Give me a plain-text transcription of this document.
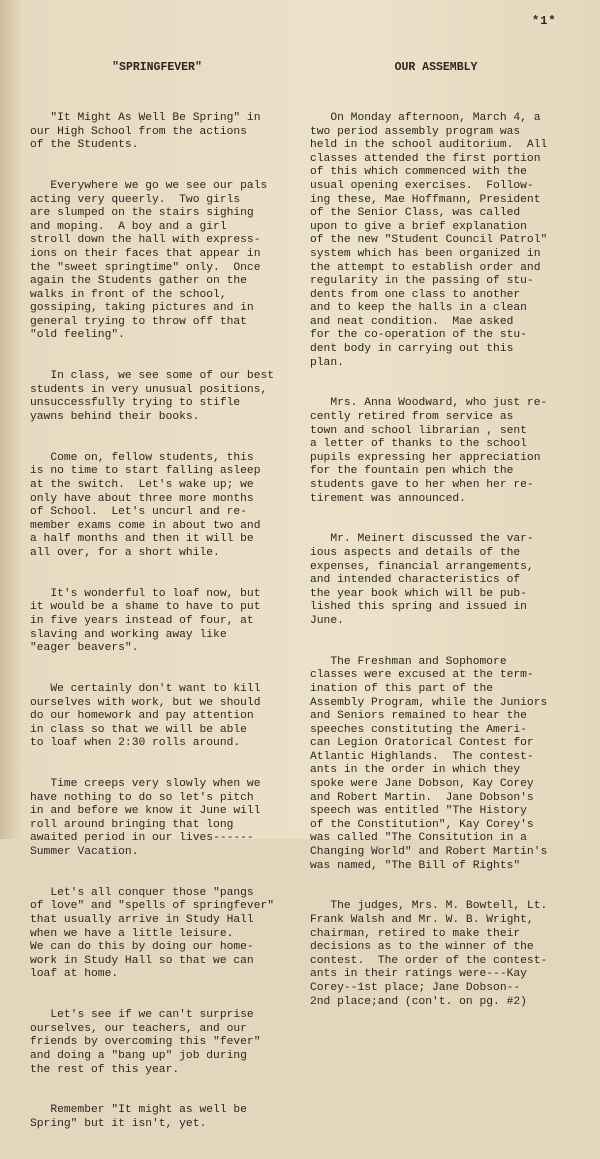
*1*

"SPRINGFEVER"

"It Might As Well Be Spring" in
our High School from the actions
of the Students.

Everywhere we go we see our pals
acting very queerly.  Two girls
are slumped on the stairs sighing
and moping.  A boy and a girl
stroll down the hall with express-
ions on their faces that appear in
the "sweet springtime" only.  Once
again the Students gather on the
walks in front of the school,
gossiping, taking pictures and in
general trying to throw off that
"old feeling".

In class, we see some of our best
students in very unusual positions,
unsuccessfully trying to stifle
yawns behind their books.

Come on, fellow students, this
is no time to start falling asleep
at the switch.  Let's wake up; we
only have about three more months
of School.  Let's uncurl and re-
member exams come in about two and
a half months and then it will be
all over, for a short while.

It's wonderful to loaf now, but
it would be a shame to have to put
in five years instead of four, at
slaving and working away like
"eager beavers".

We certainly don't want to kill
ourselves with work, but we should
do our homework and pay attention
in class so that we will be able
to loaf when 2:30 rolls around.

Time creeps very slowly when we
have nothing to do so let's pitch
in and before we know it June will
roll around bringing that long
awaited period in our lives------
Summer Vacation.

Let's all conquer those "pangs
of love" and "spells of springfever"
that usually arrive in Study Hall
when we have a little leisure.
We can do this by doing our home-
work in Study Hall so that we can
loaf at home.

Let's see if we can't surprise
ourselves, our teachers, and our
friends by overcoming this "fever"
and doing a "bang up" job during
the rest of this year.

Remember "It might as well be
Spring" but it isn't, yet.

OUR ASSEMBLY

On Monday afternoon, March 4, a
two period assembly program was
held in the school auditorium.  All
classes attended the first portion
of this which commenced with the
usual opening exercises.  Follow-
ing these, Mae Hoffmann, President
of the Senior Class, was called
upon to give a brief explanation
of the new "Student Council Patrol"
system which has been organized in
the attempt to establish order and
regularity in the passing of stu-
dents from one class to another
and to keep the halls in a clean
and neat condition.  Mae asked
for the co-operation of the stu-
dent body in carrying out this
plan.

Mrs. Anna Woodward, who just re-
cently retired from service as
town and school librarian , sent
a letter of thanks to the school
pupils expressing her appreciation
for the fountain pen which the
students gave to her when her re-
tirement was announced.

Mr. Meinert discussed the var-
ious aspects and details of the
expenses, financial arrangements,
and intended characteristics of
the year book which will be pub-
lished this spring and issued in
June.

The Freshman and Sophomore
classes were excused at the term-
ination of this part of the
Assembly Program, while the Juniors
and Seniors remained to hear the
speeches constituting the Ameri-
can Legion Oratorical Contest for
Atlantic Highlands.  The contest-
ants in the order in which they
spoke were Jane Dobson, Kay Corey
and Robert Martin.  Jane Dobson's
speech was entitled "The History
of the Constitution", Kay Corey's
was called "The Consitution in a
Changing World" and Robert Martin's
was named, "The Bill of Rights"

The judges, Mrs. M. Bowtell, Lt.
Frank Walsh and Mr. W. B. Wright,
chairman, retired to make their
decisions as to the winner of the
contest.  The order of the contest-
ants in their ratings were---Kay
Corey--1st place; Jane Dobson--
2nd place;and (con't. on pg. #2)
